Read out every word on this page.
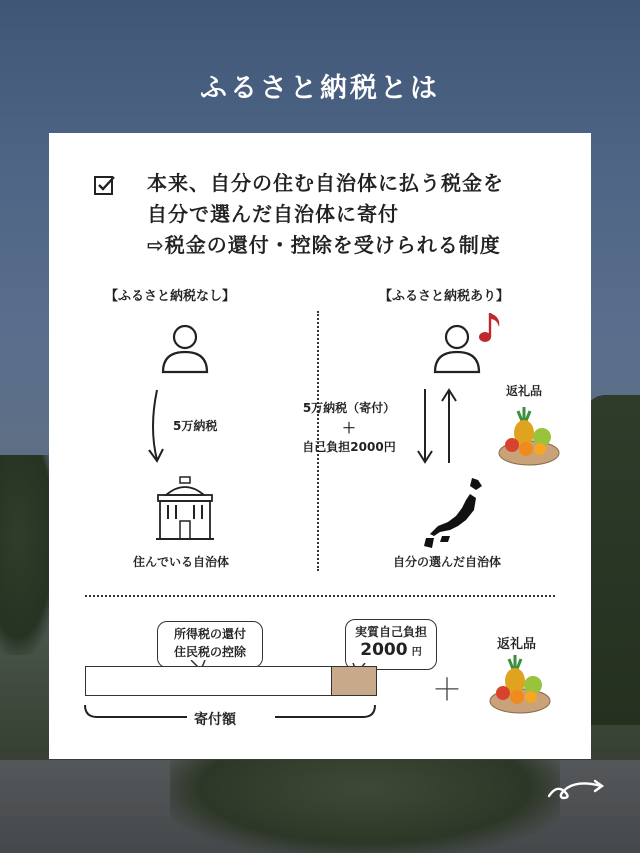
ふるさと納税とは
本来、自分の住む自治体に払う税金を
自分で選んだ自治体に寄付
⇨税金の還付・控除を受けられる制度
【ふるさと納税なし】
5万納税
住んでいる自治体
【ふるさと納税あり】
5万納税（寄付）
＋
自己負担2000円
返礼品
自分の選んだ自治体
所得税の還付
住民税の控除
実質自己負担
2000 円
寄付額
＋
返礼品
